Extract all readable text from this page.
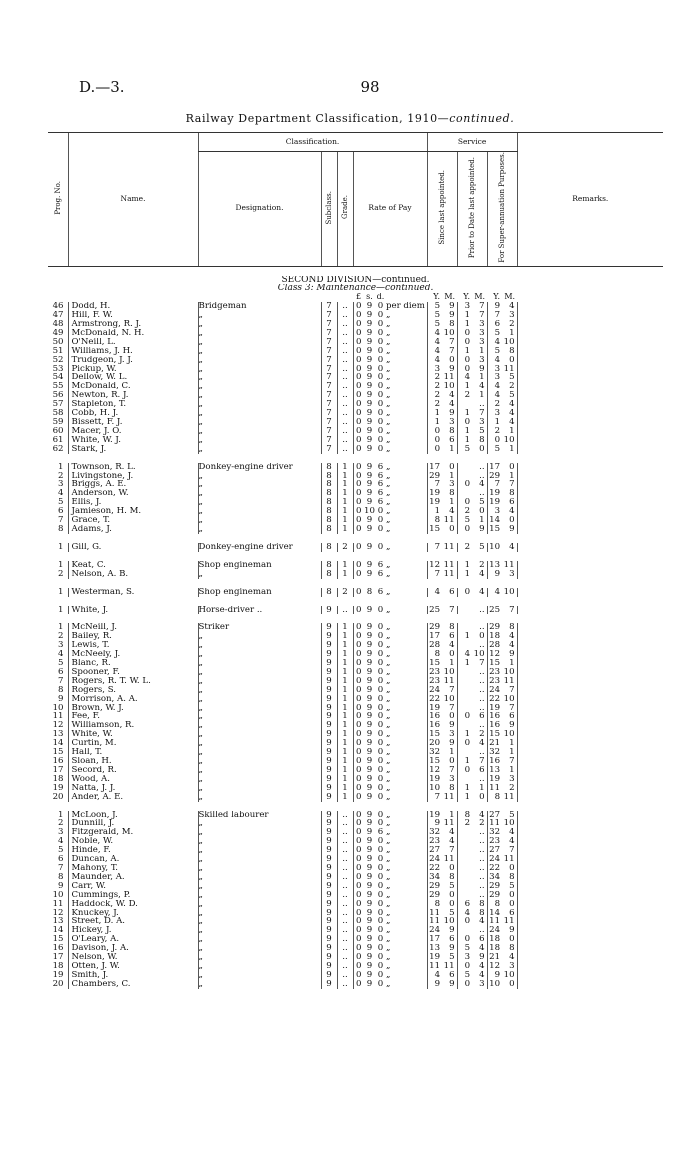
D.—3.	98
Railway Department Classification, 1910—continued.
Prog. No.	Name.	Classification.							Service						Remarks.
		Designation.	Subclass.	Grade.	Rate of Pay				Since last appointed.		Prior to Date last appointed.		For Super-annuation Purposes.		

SECOND DIVISION—continued.															
Class 3: Maintenance—continued.															
					£	s.	d.		Y.	M.	Y.	M.	Y.	M.	
46	Dodd, H.	Bridgeman	7	..	0	9	0	per diem	5	9	3	7	9	4	
47	Hill, F. W.	„	7	..	0	9	0	„	5	9	1	7	7	3	
48	Armstrong, R. J.	„	7	..	0	9	0	„	5	8	1	3	6	2	
49	McDonald, N. H.	„	7	..	0	9	0	„	4	10	0	3	5	1	
50	O'Neill, L.	„	7	..	0	9	0	„	4	7	0	3	4	10	
51	Williams, J. H.	„	7	..	0	9	0	„	4	7	1	1	5	8	
52	Trudgeon, J. J.	„	7	..	0	9	0	„	4	0	0	3	4	0	
53	Pickup, W.	„	7	..	0	9	0	„	3	9	0	9	3	11	
54	Dellow, W. L.	„	7	..	0	9	0	„	2	11	4	1	3	5	
55	McDonald, C.	„	7	..	0	9	0	„	2	10	1	4	4	2	
56	Newton, R. J.	„	7	..	0	9	0	„	2	4	2	1	4	5	
57	Stapleton, T.	„	7	..	0	9	0	„	2	4		..	2	4	
58	Cobb, H. J.	„	7	..	0	9	0	„	1	9	1	7	3	4	
59	Bissett, F. J.	„	7	..	0	9	0	„	1	3	0	3	1	4	
60	Macer, J. O.	„	7	..	0	9	0	„	0	8	1	5	2	1	
61	White, W. J.	„	7	..	0	9	0	„	0	6	1	8	0	10	
62	Stark, J.	„	7	..	0	9	0	„	0	1	5	0	5	1	

1	Townson, R. L.	Donkey-engine driver	8	1	0	9	6	„	17	0		..	17	0	
2	Livingstone, J.	„	8	1	0	9	6	„	29	1		..	29	1	
3	Briggs, A. E.	„	8	1	0	9	6	„	7	3	0	4	7	7	
4	Anderson, W.	„	8	1	0	9	6	„	19	8		..	19	8	
5	Ellis, J.	„	8	1	0	9	6	„	19	1	0	5	19	6	
6	Jamieson, H. M.	„	8	1	0	10	0	„	1	4	2	0	3	4	
7	Grace, T.	„	8	1	0	9	0	„	8	11	5	1	14	0	
8	Adams, J.	„	8	1	0	9	0	„	15	0	0	9	15	9	

1	Gill, G.	Donkey-engine driver	8	2	0	9	0	„	7	11	2	5	10	4	

1	Keat, C.	Shop engineman	8	1	0	9	6	„	12	11	1	2	13	11	
2	Nelson, A. B.	„	8	1	0	9	6	„	7	11	1	4	9	3	

1	Westerman, S.	Shop engineman	8	2	0	8	6	„	4	6	0	4	4	10	

1	White, J.	Horse-driver ..	9	..	0	9	0	„	25	7		..	25	7	

1	McNeill, J.	Striker	9	1	0	9	0	„	29	8		..	29	8	
2	Bailey, R.	„	9	1	0	9	0	„	17	6	1	0	18	4	
3	Lewis, T.	„	9	1	0	9	0	„	28	4		..	28	4	
4	McNeely, J.	„	9	1	0	9	0	„	8	0	4	10	12	9	
5	Blanc, R.	„	9	1	0	9	0	„	15	1	1	7	15	1	
6	Spooner, F.	„	9	1	0	9	0	„	23	10		..	23	10	
7	Rogers, R. T. W. L.	„	9	1	0	9	0	„	23	11		..	23	11	
8	Rogers, S.	„	9	1	0	9	0	„	24	7		..	24	7	
9	Morrison, A. A.	„	9	1	0	9	0	„	22	10		..	22	10	
10	Brown, W. J.	„	9	1	0	9	0	„	19	7		..	19	7	
11	Fee, F.	„	9	1	0	9	0	„	16	0	0	6	16	6	
12	Williamson, R.	„	9	1	0	9	0	„	16	9		..	16	9	
13	White, W.	„	9	1	0	9	0	„	15	3	1	2	15	10	
14	Curtin, M.	„	9	1	0	9	0	„	20	9	0	4	21	1	
15	Hall, T.	„	9	1	0	9	0	„	32	1		..	32	1	
16	Sloan, H.	„	9	1	0	9	0	„	15	0	1	7	16	7	
17	Secord, R.	„	9	1	0	9	0	„	12	7	0	6	13	1	
18	Wood, A.	„	9	1	0	9	0	„	19	3		..	19	3	
19	Natta, J. J.	„	9	1	0	9	0	„	10	8	1	1	11	2	
20	Ander, A. E.	„	9	1	0	9	0	„	7	11	1	0	8	11	

1	McLoon, J.	Skilled labourer	9	..	0	9	0	„	19	1	8	4	27	5	
2	Dunnill, J.	„	9	..	0	9	0	„	9	11	2	2	11	10	
3	Fitzgerald, M.	„	9	..	0	9	6	„	32	4		..	32	4	
4	Noble, W.	„	9	..	0	9	0	„	23	4		..	23	4	
5	Hinde, F.	„	9	..	0	9	0	„	27	7		..	27	7	
6	Duncan, A.	„	9	..	0	9	0	„	24	11		..	24	11	
7	Mahony, T.	„	9	..	0	9	0	„	22	0		..	22	0	
8	Maunder, A.	„	9	..	0	9	0	„	34	8		..	34	8	
9	Carr, W.	„	9	..	0	9	0	„	29	5		..	29	5	
10	Cummings, P.	„	9	..	0	9	0	„	29	0		..	29	0	
11	Haddock, W. D.	„	9	..	0	9	0	„	8	0	6	8	8	0	
12	Knuckey, J.	„	9	..	0	9	0	„	11	5	4	8	14	6	
13	Street, D. A.	„	9	..	0	9	0	„	11	10	0	4	11	11	
14	Hickey, J.	„	9	..	0	9	0	„	24	9		..	24	9	
15	O'Leary, A.	„	9	..	0	9	0	„	17	6	0	6	18	0	
16	Davison, J. A.	„	9	..	0	9	0	„	13	9	5	4	18	8	
17	Nelson, W.	„	9	..	0	9	0	„	19	5	3	9	21	4	
18	Otten, J. W.	„	9	..	0	9	0	„	11	11	0	4	12	3	
19	Smith, J.	„	9	..	0	9	0	„	4	6	5	4	9	10	
20	Chambers, C.	„	9	..	0	9	0	„	9	9	0	3	10	0	
